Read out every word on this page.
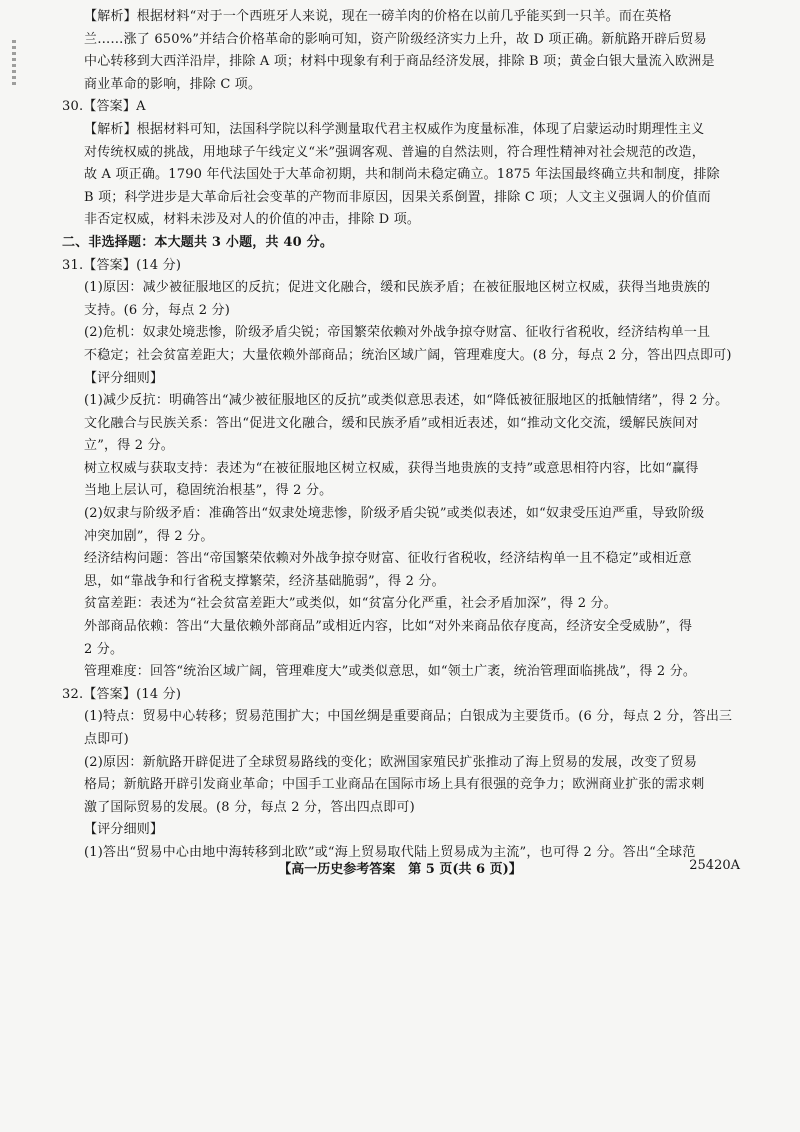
【解析】根据材料“对于一个西班牙人来说，现在一磅羊肉的价格在以前几乎能买到一只羊。而在英格
兰……涨了 650%”并结合价格革命的影响可知，资产阶级经济实力上升，故 D 项正确。新航路开辟后贸易
中心转移到大西洋沿岸，排除 A 项；材料中现象有利于商品经济发展，排除 B 项；黄金白银大量流入欧洲是
商业革命的影响，排除 C 项。
30.【答案】A
【解析】根据材料可知，法国科学院以科学测量取代君主权威作为度量标准，体现了启蒙运动时期理性主义
对传统权威的挑战，用地球子午线定义“米”强调客观、普遍的自然法则，符合理性精神对社会规范的改造，
故 A 项正确。1790 年代法国处于大革命初期，共和制尚未稳定确立。1875 年法国最终确立共和制度，排除
B 项；科学进步是大革命后社会变革的产物而非原因，因果关系倒置，排除 C 项；人文主义强调人的价值而
非否定权威，材料未涉及对人的价值的冲击，排除 D 项。
二、非选择题：本大题共 3 小题，共 40 分。
31.【答案】(14 分)
(1)原因：减少被征服地区的反抗；促进文化融合，缓和民族矛盾；在被征服地区树立权威，获得当地贵族的
支持。(6 分，每点 2 分)
(2)危机：奴隶处境悲惨，阶级矛盾尖锐；帝国繁荣依赖对外战争掠夺财富、征收行省税收，经济结构单一且
不稳定；社会贫富差距大；大量依赖外部商品；统治区域广阔，管理难度大。(8 分，每点 2 分，答出四点即可)
【评分细则】
(1)减少反抗：明确答出“减少被征服地区的反抗”或类似意思表述，如“降低被征服地区的抵触情绪”，得 2 分。
文化融合与民族关系：答出“促进文化融合，缓和民族矛盾”或相近表述，如“推动文化交流，缓解民族间对
立”，得 2 分。
树立权威与获取支持：表述为“在被征服地区树立权威，获得当地贵族的支持”或意思相符内容，比如“赢得
当地上层认可，稳固统治根基”，得 2 分。
(2)奴隶与阶级矛盾：准确答出“奴隶处境悲惨，阶级矛盾尖锐”或类似表述，如“奴隶受压迫严重，导致阶级
冲突加剧”，得 2 分。
经济结构问题：答出“帝国繁荣依赖对外战争掠夺财富、征收行省税收，经济结构单一且不稳定”或相近意
思，如“靠战争和行省税支撑繁荣，经济基础脆弱”，得 2 分。
贫富差距：表述为“社会贫富差距大”或类似，如“贫富分化严重，社会矛盾加深”，得 2 分。
外部商品依赖：答出“大量依赖外部商品”或相近内容，比如“对外来商品依存度高，经济安全受威胁”，得
2 分。
管理难度：回答“统治区域广阔，管理难度大”或类似意思，如“领土广袤，统治管理面临挑战”，得 2 分。
32.【答案】(14 分)
(1)特点：贸易中心转移；贸易范围扩大；中国丝绸是重要商品；白银成为主要货币。(6 分，每点 2 分，答出三
点即可)
(2)原因：新航路开辟促进了全球贸易路线的变化；欧洲国家殖民扩张推动了海上贸易的发展，改变了贸易
格局；新航路开辟引发商业革命；中国手工业商品在国际市场上具有很强的竞争力；欧洲商业扩张的需求刺
激了国际贸易的发展。(8 分，每点 2 分，答出四点即可)
【评分细则】
(1)答出“贸易中心由地中海转移到北欧”或“海上贸易取代陆上贸易成为主流”，也可得 2 分。答出“全球范
【高一历史参考答案　第 5 页(共 6 页)】	25420A
